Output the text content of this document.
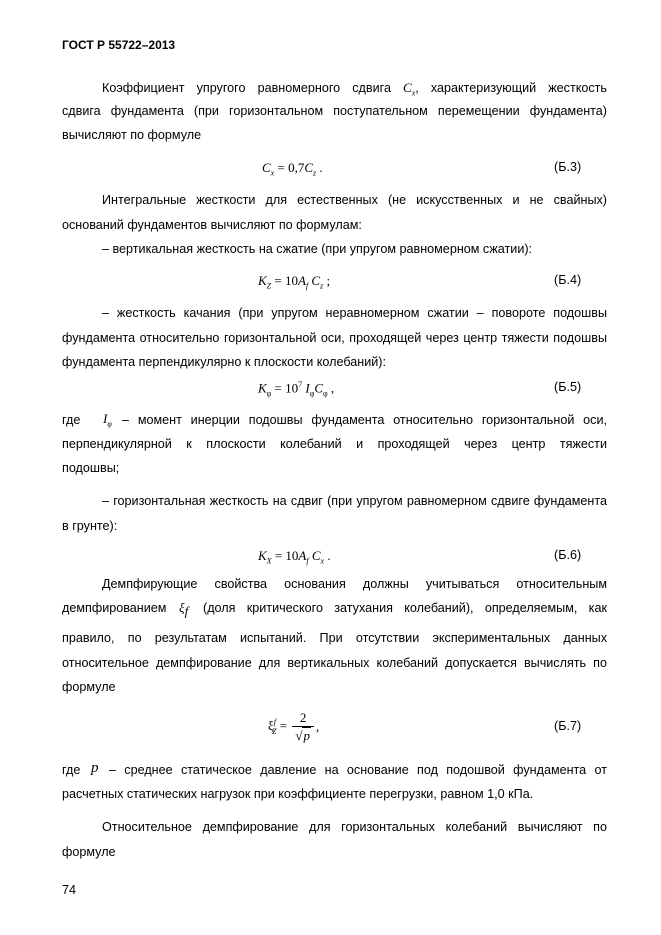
ГОСТ Р 55722–2013
Коэффициент упругого равномерного сдвига $C_x$, характеризующий жесткость
сдвига фундамента (при горизонтальном поступательном перемещении фундамента)
вычисляют по формуле
$C_x = 0,7C_z$ .	(Б.3)
Интегральные жесткости для естественных (не искусственных и не свайных) оснований фундаментов вычисляют по формулам:
– вертикальная жесткость на сжатие (при упругом равномерном сжатии):
$K_Z = 10A_f$ $C_z$ ;	(Б.4)
– жесткость качания (при упругом неравномерном сжатии – повороте подошвы фундамента относительно горизонтальной оси, проходящей через центр тяжести подошвы фундамента перпендикулярно к плоскости колебаний):
$K_\varphi = 10^7$ $I_\varphi C_\varphi$ ,	(Б.5)
где	$I_\varphi$ – момент инерции подошвы фундамента относительно горизонтальной оси,
перпендикулярной к плоскости колебаний и проходящей через центр тяжести
подошвы;
– горизонтальная жесткость на сдвиг (при упругом равномерном сдвиге фундамента в грунте):
$K_X = 10A_f$ $C_x$ .	(Б.6)
Демпфирующие свойства основания должны учитываться относительным
демпфированием $\xi_f$	(доля критического затухания колебаний), определяемым, как
правило, по результатам испытаний. При отсутствии экспериментальных данных относительное демпфирование для вертикальных колебаний допускается вычислять по формуле
$\xi^f_Z = \frac{2}{√p}$ ,	(Б.7)
где p – среднее статическое давление на основание под подошвой фундамента от
расчетных статических нагрузок при коэффициенте перегрузки, равном 1,0 кПа.
Относительное демпфирование для горизонтальных колебаний вычисляют по формуле
74
